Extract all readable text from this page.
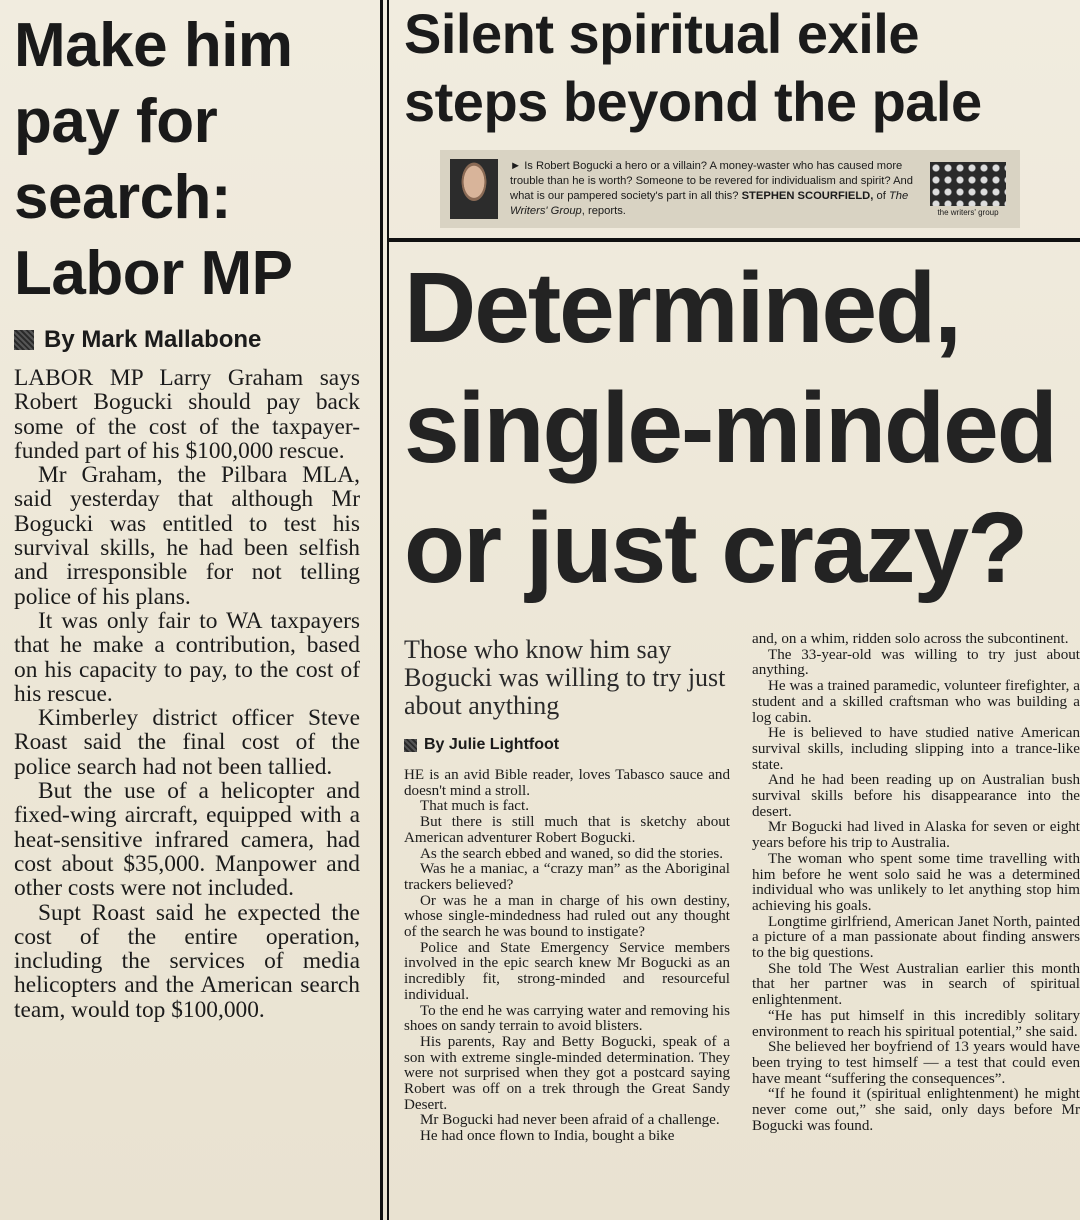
Make him
pay for
search:
Labor MP
By Mark Mallabone

LABOR MP Larry Graham says Robert Bogucki should pay back some of the cost of the taxpayer-funded part of his $100,000 rescue.

Mr Graham, the Pilbara MLA, said yesterday that although Mr Bogucki was entitled to test his survival skills, he had been selfish and irresponsible for not telling police of his plans.

It was only fair to WA taxpayers that he make a contribution, based on his capacity to pay, to the cost of his rescue.

Kimberley district officer Steve Roast said the final cost of the police search had not been tallied.

But the use of a helicopter and fixed-wing aircraft, equipped with a heat-sensitive infrared camera, had cost about $35,000. Manpower and other costs were not included.

Supt Roast said he expected the cost of the entire operation, including the services of media helicopters and the American search team, would top $100,000.

Silent spiritual exile
steps beyond the pale
► Is Robert Bogucki a hero or a villain? A money-waster who has caused more trouble than he is worth? Someone to be revered for individualism and spirit? And what is our pampered society's part in all this? STEPHEN SCOURFIELD, of The Writers' Group, reports.	the writers' group
Determined,
single-minded
or just crazy?
Those who know him say Bogucki was willing to try just about anything
By Julie Lightfoot

HE is an avid Bible reader, loves Tabasco sauce and doesn't mind a stroll.

That much is fact.

But there is still much that is sketchy about American adventurer Robert Bogucki.

As the search ebbed and waned, so did the stories.

Was he a maniac, a “crazy man” as the Aboriginal trackers believed?

Or was he a man in charge of his own destiny, whose single-mindedness had ruled out any thought of the search he was bound to instigate?

Police and State Emergency Service members involved in the epic search knew Mr Bogucki as an incredibly fit, strong-minded and resourceful individual.

To the end he was carrying water and removing his shoes on sandy terrain to avoid blisters.

His parents, Ray and Betty Bogucki, speak of a son with extreme single-minded determination. They were not surprised when they got a postcard saying Robert was off on a trek through the Great Sandy Desert.

Mr Bogucki had never been afraid of a challenge.

He had once flown to India, bought a bike

and, on a whim, ridden solo across the subcontinent.

The 33-year-old was willing to try just about anything.

He was a trained paramedic, volunteer firefighter, a student and a skilled craftsman who was building a log cabin.

He is believed to have studied native American survival skills, including slipping into a trance-like state.

And he had been reading up on Australian bush survival skills before his disappearance into the desert.

Mr Bogucki had lived in Alaska for seven or eight years before his trip to Australia.

The woman who spent some time travelling with him before he went solo said he was a determined individual who was unlikely to let anything stop him achieving his goals.

Longtime girlfriend, American Janet North, painted a picture of a man passionate about finding answers to the big questions.

She told The West Australian earlier this month that her partner was in search of spiritual enlightenment.

“He has put himself in this incredibly solitary environment to reach his spiritual potential,” she said.

She believed her boyfriend of 13 years would have been trying to test himself — a test that could even have meant “suffering the consequences”.

“If he found it (spiritual enlightenment) he might never come out,” she said, only days before Mr Bogucki was found.
